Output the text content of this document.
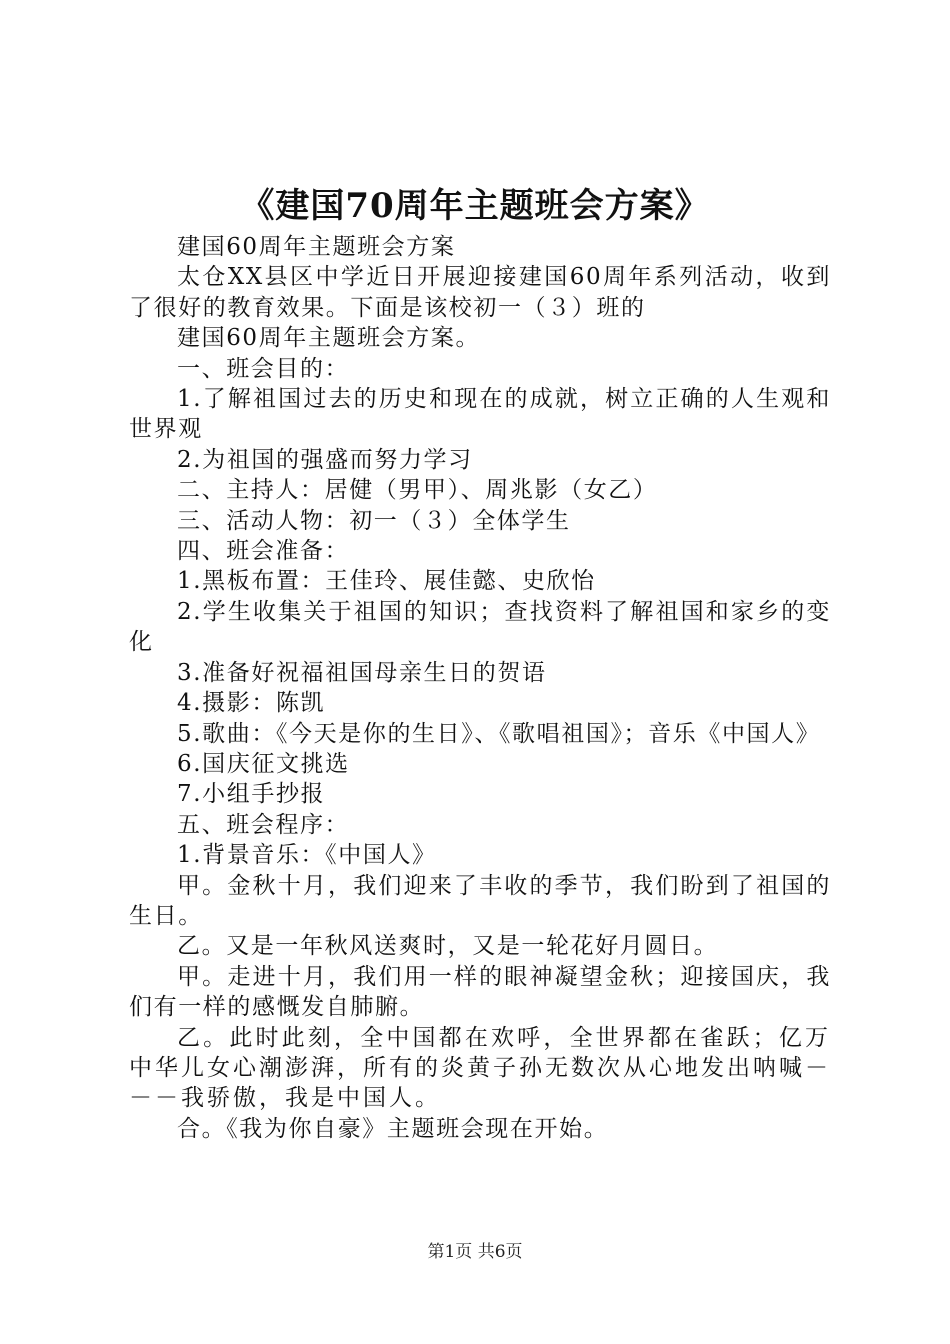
《建国70周年主题班会方案》

建国60周年主题班会方案

太仓XX县区中学近日开展迎接建国60周年系列活动，收到了很好的教育效果。下面是该校初一（３）班的

建国60周年主题班会方案。

一、班会目的：

1.了解祖国过去的历史和现在的成就，树立正确的人生观和世界观

2.为祖国的强盛而努力学习

二、主持人：居健（男甲）、周兆影（女乙）

三、活动人物：初一（３）全体学生

四、班会准备：

1.黑板布置：王佳玲、展佳懿、史欣怡

2.学生收集关于祖国的知识；查找资料了解祖国和家乡的变化

3.准备好祝福祖国母亲生日的贺语

4.摄影：陈凯

5.歌曲：《今天是你的生日》、《歌唱祖国》；音乐《中国人》

6.国庆征文挑选

7.小组手抄报

五、班会程序：

1.背景音乐：《中国人》

甲。金秋十月，我们迎来了丰收的季节，我们盼到了祖国的生日。

乙。又是一年秋风送爽时，又是一轮花好月圆日。

甲。走进十月，我们用一样的眼神凝望金秋；迎接国庆，我们有一样的感慨发自肺腑。

乙。此时此刻，全中国都在欢呼，全世界都在雀跃；亿万中华儿女心潮澎湃，所有的炎黄子孙无数次从心地发出呐喊－－－我骄傲，我是中国人。

合。《我为你自豪》主题班会现在开始。

第1页 共6页
